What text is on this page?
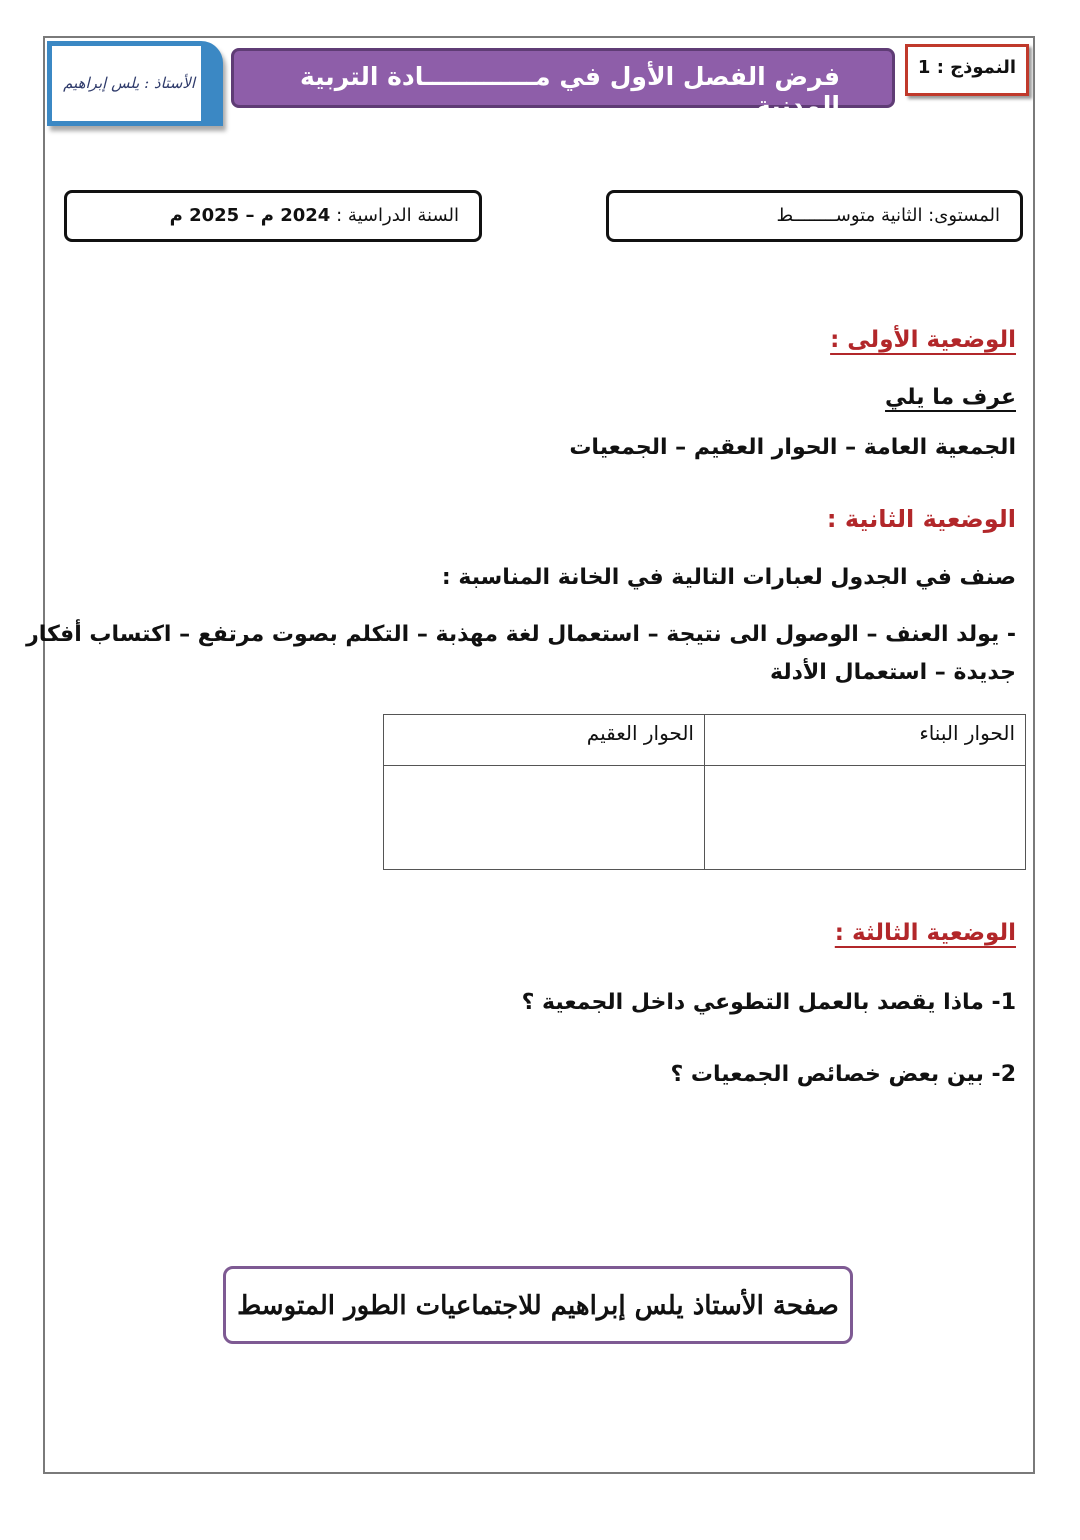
النموذج : 1
فرض الفصل الأول في مـــــــــــــادة التربية المدنية
الأستاذ : يلس إبراهيم
المستوى: الثانية متوســــــــط
السنة الدراسية : 2024 م – 2025 م
الوضعية الأولى :
عرف ما يلي
الجمعية العامة – الحوار العقيم – الجمعيات
الوضعية الثانية :
صنف في الجدول لعبارات التالية في الخانة المناسبة :
- يولد العنف – الوصول الى نتيجة – استعمال لغة مهذبة – التكلم بصوت مرتفع – اكتساب أفكار
جديدة – استعمال الأدلة
الحوار البناء	الحوار العقيم

الوضعية الثالثة :
1- ماذا يقصد بالعمل التطوعي داخل الجمعية ؟
2- بين بعض خصائص الجمعيات ؟
صفحة الأستاذ يلس إبراهيم للاجتماعيات الطور المتوسط
